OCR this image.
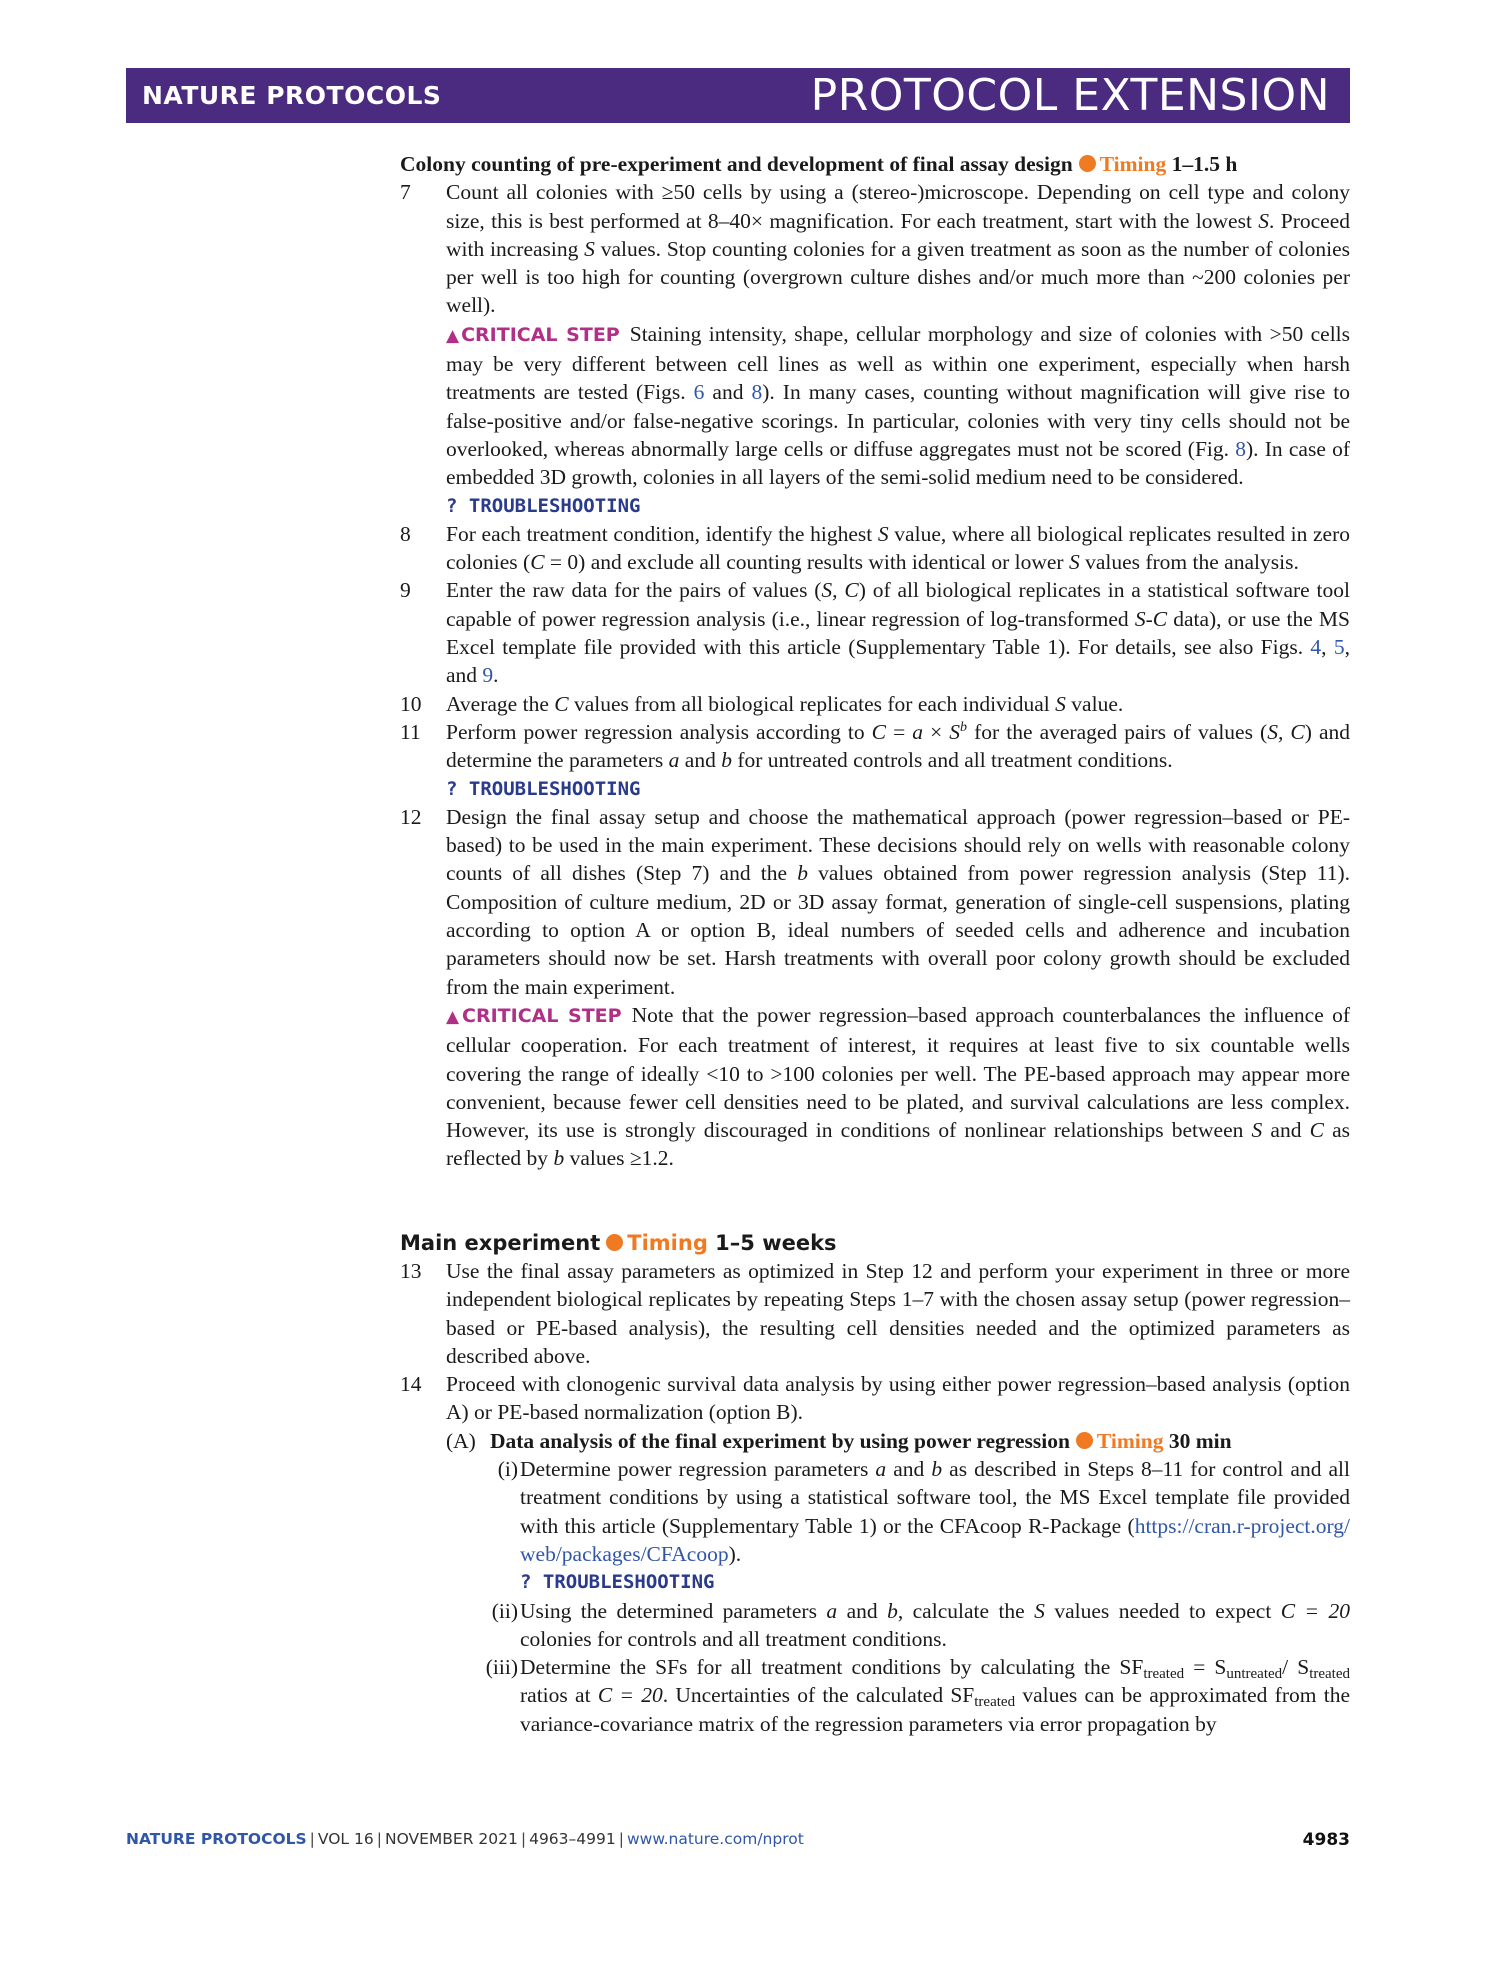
NATURE PROTOCOLS	PROTOCOL EXTENSION

Colony counting of pre-experiment and development of final assay design Timing 1–1.5 h

7 Count all colonies with ≥50 cells by using a (stereo-)microscope. Depending on cell type and colony size, this is best performed at 8–40× magnification. For each treatment, start with the lowest S. Proceed with increasing S values. Stop counting colonies for a given treatment as soon as the number of colonies per well is too high for counting (overgrown culture dishes and/or much more than ~200 colonies per well).

▲CRITICAL STEP Staining intensity, shape, cellular morphology and size of colonies with >50 cells may be very different between cell lines as well as within one experiment, especially when harsh treatments are tested (Figs. 6 and 8). In many cases, counting without magnification will give rise to false-positive and/or false-negative scorings. In particular, colonies with very tiny cells should not be overlooked, whereas abnormally large cells or diffuse aggregates must not be scored (Fig. 8). In case of embedded 3D growth, colonies in all layers of the semi-solid medium need to be considered.

? TROUBLESHOOTING

8 For each treatment condition, identify the highest S value, where all biological replicates resulted in zero colonies (C = 0) and exclude all counting results with identical or lower S values from the analysis.

9 Enter the raw data for the pairs of values (S, C) of all biological replicates in a statistical software tool capable of power regression analysis (i.e., linear regression of log-transformed S-C data), or use the MS Excel template file provided with this article (Supplementary Table 1). For details, see also Figs. 4, 5, and 9.

10 Average the C values from all biological replicates for each individual S value.

11 Perform power regression analysis according to $C = a \times S^b$ for the averaged pairs of values (S, C) and determine the parameters a and b for untreated controls and all treatment conditions.

? TROUBLESHOOTING

12 Design the final assay setup and choose the mathematical approach (power regression–based or PE-based) to be used in the main experiment. These decisions should rely on wells with reasonable colony counts of all dishes (Step 7) and the b values obtained from power regression analysis (Step 11). Composition of culture medium, 2D or 3D assay format, generation of single-cell suspensions, plating according to option A or option B, ideal numbers of seeded cells and adherence and incubation parameters should now be set. Harsh treatments with overall poor colony growth should be excluded from the main experiment.

▲CRITICAL STEP Note that the power regression–based approach counterbalances the influence of cellular cooperation. For each treatment of interest, it requires at least five to six countable wells covering the range of ideally <10 to >100 colonies per well. The PE-based approach may appear more convenient, because fewer cell densities need to be plated, and survival calculations are less complex. However, its use is strongly discouraged in conditions of nonlinear relationships between S and C as reflected by b values ≥1.2.

Main experiment Timing 1–5 weeks

13 Use the final assay parameters as optimized in Step 12 and perform your experiment in three or more independent biological replicates by repeating Steps 1–7 with the chosen assay setup (power regression–based or PE-based analysis), the resulting cell densities needed and the optimized parameters as described above.

14 Proceed with clonogenic survival data analysis by using either power regression–based analysis (option A) or PE-based normalization (option B).

(A) Data analysis of the final experiment by using power regression Timing 30 min

(i) Determine power regression parameters a and b as described in Steps 8–11 for control and all treatment conditions by using a statistical software tool, the MS Excel template file provided with this article (Supplementary Table 1) or the CFAcoop R-Package (https://cran.r-project.org/web/packages/CFAcoop).

? TROUBLESHOOTING

(ii) Using the determined parameters a and b, calculate the S values needed to expect C = 20 colonies for controls and all treatment conditions.

(iii) Determine the SFs for all treatment conditions by calculating the $SF_{treated} = S_{untreated}/$ $S_{treated}$ ratios at C = 20. Uncertainties of the calculated $SF_{treated}$ values can be approximated from the variance-covariance matrix of the regression parameters via error propagation by

NATURE PROTOCOLS | VOL 16 | NOVEMBER 2021 | 4963–4991 | www.nature.com/nprot	4983
